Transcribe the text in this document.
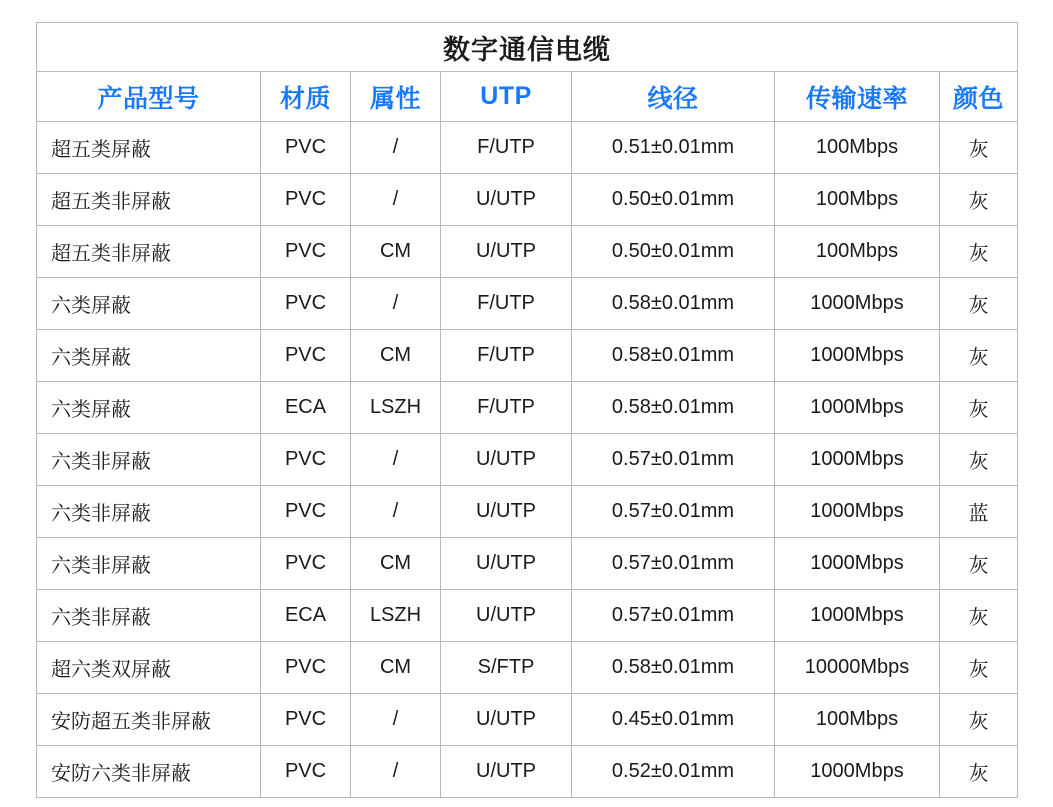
数字通信电缆						
产品型号	材质	属性	UTP	线径	传输速率	颜色
超五类屏蔽	PVC	/	F/UTP	0.51±0.01mm	100Mbps	灰
超五类非屏蔽	PVC	/	U/UTP	0.50±0.01mm	100Mbps	灰
超五类非屏蔽	PVC	CM	U/UTP	0.50±0.01mm	100Mbps	灰
六类屏蔽	PVC	/	F/UTP	0.58±0.01mm	1000Mbps	灰
六类屏蔽	PVC	CM	F/UTP	0.58±0.01mm	1000Mbps	灰
六类屏蔽	ECA	LSZH	F/UTP	0.58±0.01mm	1000Mbps	灰
六类非屏蔽	PVC	/	U/UTP	0.57±0.01mm	1000Mbps	灰
六类非屏蔽	PVC	/	U/UTP	0.57±0.01mm	1000Mbps	蓝
六类非屏蔽	PVC	CM	U/UTP	0.57±0.01mm	1000Mbps	灰
六类非屏蔽	ECA	LSZH	U/UTP	0.57±0.01mm	1000Mbps	灰
超六类双屏蔽	PVC	CM	S/FTP	0.58±0.01mm	10000Mbps	灰
安防超五类非屏蔽	PVC	/	U/UTP	0.45±0.01mm	100Mbps	灰
安防六类非屏蔽	PVC	/	U/UTP	0.52±0.01mm	1000Mbps	灰
